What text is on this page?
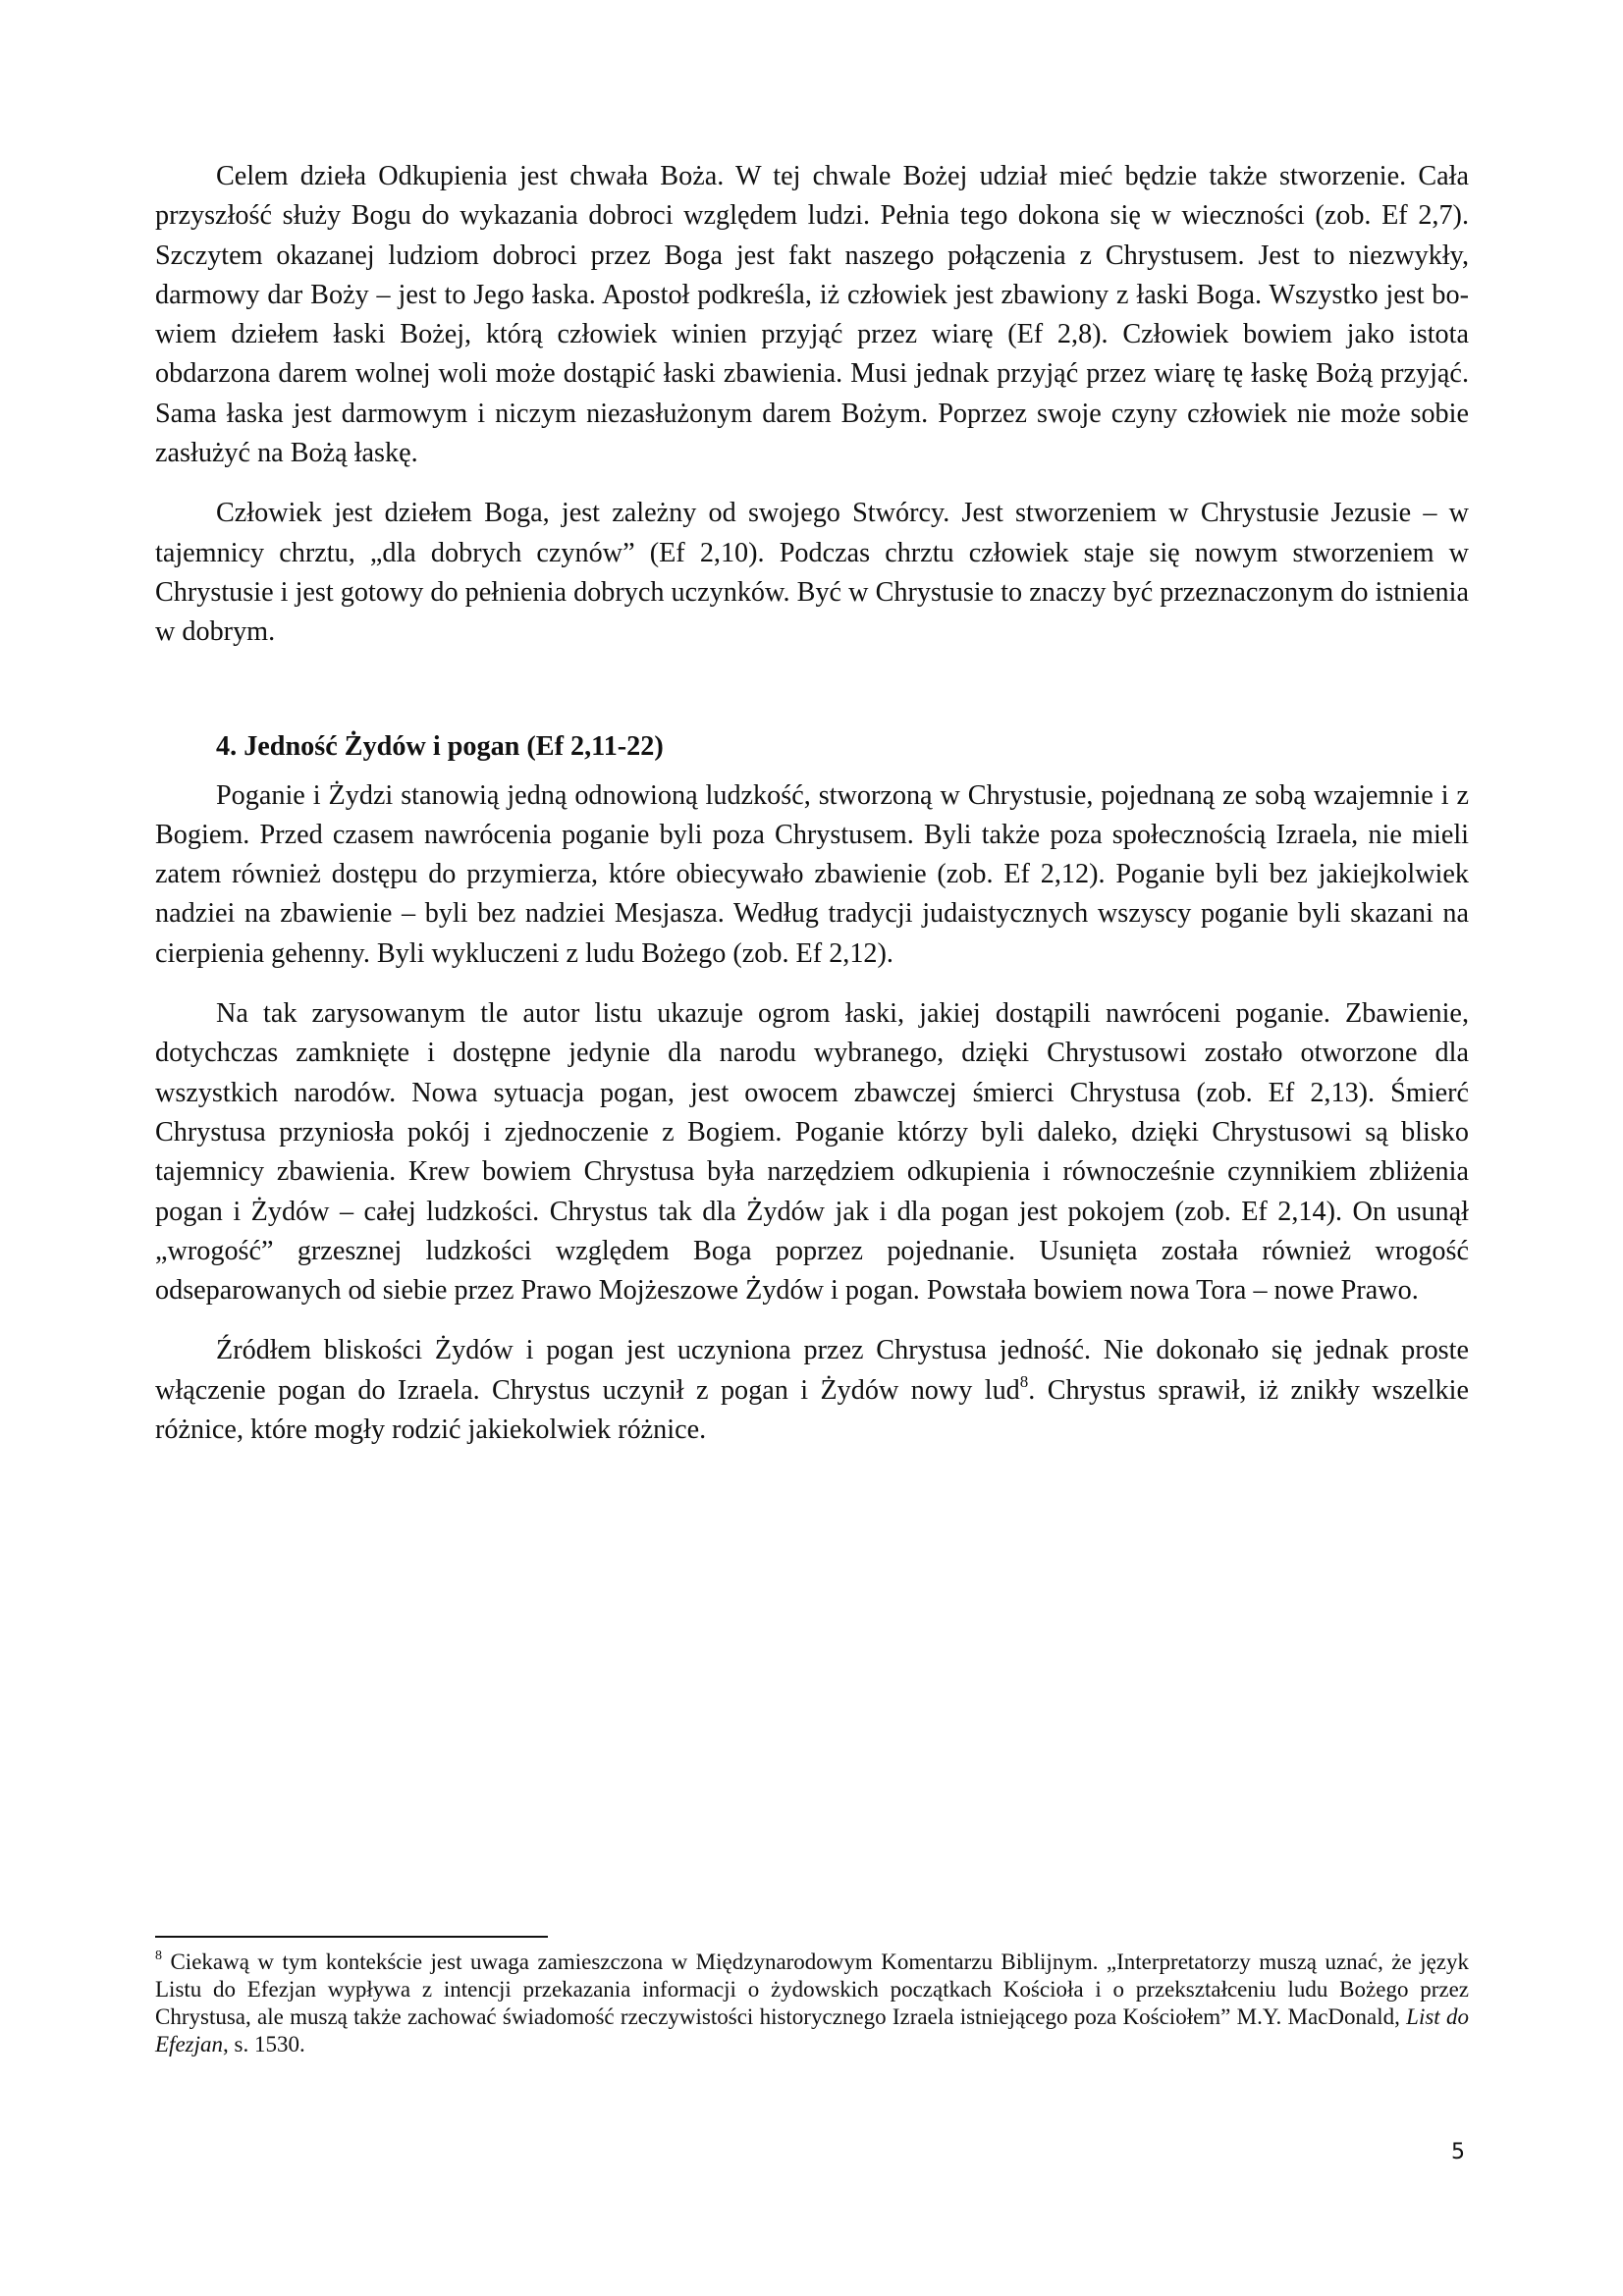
Celem dzieła Odkupienia jest chwała Boża. W tej chwale Bożej udział mieć będzie także stworzenie. Cała przyszłość służy Bogu do wykazania dobroci względem ludzi. Pełnia tego dokona się w wieczności (zob. Ef 2,7). Szczytem okazanej ludziom dobroci przez Boga jest fakt naszego połączenia z Chrystusem. Jest to niezwykły, darmowy dar Boży – jest to Jego łaska. Apostoł podkreśla, iż człowiek jest zbawiony z łaski Boga. Wszystko jest bowiem dziełem łaski Bożej, którą człowiek winien przyjąć przez wiarę (Ef 2,8). Człowiek bowiem jako istota obdarzona darem wolnej woli może dostąpić łaski zbawienia. Musi jednak przyjąć przez wiarę tę łaskę Bożą przyjąć. Sama łaska jest darmowym i niczym niezasłużonym darem Bożym. Poprzez swoje czyny człowiek nie może sobie zasłużyć na Bożą łaskę.

Człowiek jest dziełem Boga, jest zależny od swojego Stwórcy. Jest stworzeniem w Chrystusie Jezusie – w tajemnicy chrztu, „dla dobrych czynów” (Ef 2,10). Podczas chrztu człowiek staje się nowym stworzeniem w Chrystusie i jest gotowy do pełnienia dobrych uczynków. Być w Chrystusie to znaczy być przeznaczonym do istnienia w dobrym.

4. Jedność Żydów i pogan (Ef 2,11-22)

Poganie i Żydzi stanowią jedną odnowioną ludzkość, stworzoną w Chrystusie, pojednaną ze sobą wzajemnie i z Bogiem. Przed czasem nawrócenia poganie byli poza Chrystusem. Byli także poza społecznością Izraela, nie mieli zatem również dostępu do przymierza, które obiecywało zbawienie (zob. Ef 2,12). Poganie byli bez jakiejkolwiek nadziei na zbawienie – byli bez nadziei Mesjasza. Według tradycji judaistycznych wszyscy poganie byli skazani na cierpienia gehenny. Byli wykluczeni z ludu Bożego (zob. Ef 2,12).

Na tak zarysowanym tle autor listu ukazuje ogrom łaski, jakiej dostąpili nawróceni poganie. Zbawienie, dotychczas zamknięte i dostępne jedynie dla narodu wybranego, dzięki Chrystusowi zostało otworzone dla wszystkich narodów. Nowa sytuacja pogan, jest owocem zbawczej śmierci Chrystusa (zob. Ef 2,13). Śmierć Chrystusa przyniosła pokój i zjednoczenie z Bogiem. Poganie którzy byli daleko, dzięki Chrystusowi są blisko tajemnicy zbawienia. Krew bowiem Chrystusa była narzędziem odkupienia i równocześnie czynnikiem zbliżenia pogan i Żydów – całej ludzkości. Chrystus tak dla Żydów jak i dla pogan jest pokojem (zob. Ef 2,14). On usunął „wrogość” grzesznej ludzkości względem Boga poprzez pojednanie. Usunięta została również wrogość odseparowanych od siebie przez Prawo Mojżeszowe Żydów i pogan. Powstała bowiem nowa Tora – nowe Prawo.

Źródłem bliskości Żydów i pogan jest uczyniona przez Chrystusa jedność. Nie dokonało się jednak proste włączenie pogan do Izraela. Chrystus uczynił z pogan i Żydów nowy lud$^8$. Chrystus sprawił, iż znikły wszelkie różnice, które mogły rodzić jakiekolwiek różnice.

$^8$ Ciekawą w tym kontekście jest uwaga zamieszczona w Międzynarodowym Komentarzu Biblijnym. „Interpretatorzy muszą uznać, że język Listu do Efezjan wypływa z intencji przekazania informacji o żydowskich początkach Kościoła i o przekształceniu ludu Bożego przez Chrystusa, ale muszą także zachować świadomość rzeczywistości historycznego Izraela istniejącego poza Kościołem” M.Y. MacDonald, List do Efezjan, s. 1530.

5
